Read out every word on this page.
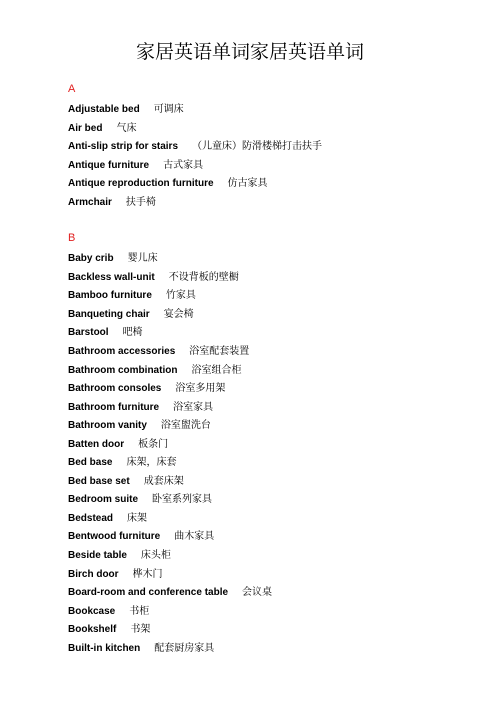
家居英语单词家居英语单词
A
Adjustable bed 可调床
Air bed 气床
Anti-slip strip for stairs （儿童床）防滑楼梯打击扶手
Antique furniture 古式家具
Antique reproduction furniture 仿古家具
Armchair 扶手椅
B
Baby crib 婴儿床
Backless wall-unit 不设背板的壁橱
Bamboo furniture 竹家具
Banqueting chair 宴会椅
Barstool 吧椅
Bathroom accessories 浴室配套装置
Bathroom combination 浴室组合柜
Bathroom consoles 浴室多用架
Bathroom furniture 浴室家具
Bathroom vanity 浴室盥洗台
Batten door 板条门
Bed base 床架，床套
Bed base set 成套床架
Bedroom suite 卧室系列家具
Bedstead 床架
Bentwood furniture 曲木家具
Beside table 床头柜
Birch door 桦木门
Board-room and conference table 会议桌
Bookcase 书柜
Bookshelf 书架
Built-in kitchen 配套厨房家具
